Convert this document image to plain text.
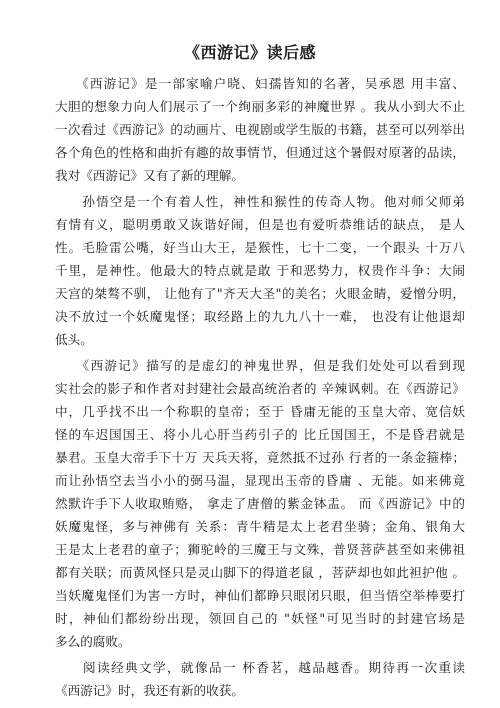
《西游记》读后感
　　《西游记》是一部家喻户晓、妇孺皆知的名著，吴承恩 用丰富、
大胆的想象力向人们展示了一个绚丽多彩的神魔世界 。我从小到大不止
一次看过《西游记》的动画片、电视剧或学生版的书籍，甚至可以列举出
各个角色的性格和曲折有趣的故事情节，但通过这个暑假对原著的品读，
我对《西游记》又有了新的理解。
　　孙悟空是一个有着人性，神性和猴性的传奇人物。他对师父师弟
有情有义，聪明勇敢又诙谐好闹，但是也有爱听恭维话的缺点， 是人
性。毛脸雷公嘴，好当山大王，是猴性，七十二变，一个跟头 十万八
千里，是神性。他最大的特点就是敢 于和恶势力，权贵作斗争：大闹
天宫的桀骜不驯， 让他有了"齐天大圣"的美名；火眼金睛，爱憎分明，
决不放过一个妖魔鬼怪；取经路上的九九八十一难， 也没有让他退却
低头。
　　《西游记》描写的是虚幻的神鬼世界，但是我们处处可以看到现
实社会的影子和作者对封建社会最高统治者的 辛辣讽刺。在《西游记》
中，几乎找不出一个称职的皇帝；至于 昏庸无能的玉皇大帝、宽信妖
怪的车迟国国王、将小儿心肝当药引子的 比丘国国王，不是昏君就是
暴君。玉皇大帝手下十万 天兵天将，竟然抵不过孙 行者的一条金箍棒；
而让孙悟空去当小小的弼马温，显现出玉帝的昏庸 、无能。如来佛竟
然默许手下人收取贿赂， 拿走了唐僧的紫金钵盂。 而《西游记》中的
妖魔鬼怪，多与神佛有 关系：青牛精是太上老君坐骑；金角、银角大
王是太上老君的童子；狮驼岭的三魔王与文殊，普贤菩萨甚至如来佛祖
都有关联；而黄风怪只是灵山脚下的得道老鼠 ，菩萨却也如此袒护他 。
当妖魔鬼怪们为害一方时，神仙们都睁只眼闭只眼，但当悟空举棒要打
时，神仙们都纷纷出现，领回自己的 "妖怪"可见当时的封建官场是
多么的腐败。
　　阅读经典文学，就像品一 杯香茗，越品越香。期待再一次重读
《西游记》时，我还有新的收获。
